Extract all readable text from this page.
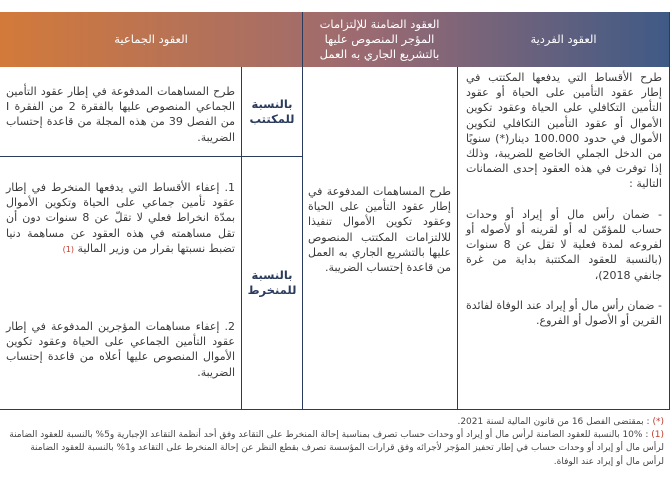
العقود الفردية
العقود الضامنة للإلتزامات المؤجر المنصوص عليها بالتشريع الجاري به العمل
العقود الجماعية
طرح الأقساط التي يدفعها المكتتب في إطار عقود التأمين على الحياة أو عقود التأمين التكافلي على الحياة وعقود تكوين الأموال أو عقود التأمين التكافلي لتكوين الأموال في حدود 100.000 دينار(*) سنويًا من الدخل الجملي الخاضع للضريبة، وذلك إذا توفرت في هذه العقود إحدى الضمانات التالية :

- ضمان رأس مال أو إيراد أو وحدات حساب للمؤمّن له أو لقرينه أو لأصوله أو لفروعه لمدة فعلية لا تقل عن 8 سنوات (بالنسبة للعقود المكتتبة بداية من غرة جانفي 2018)،

- ضمان رأس مال أو إيراد عند الوفاة لفائدة القرين أو الأصول أو الفروع.
طرح المساهمات المدفوعة في إطار عقود التأمين على الحياة وعقود تكوين الأموال تنفيذا للالتزامات المكتتب المنصوص عليها بالتشريع الجاري به العمل من قاعدة إحتساب الضريبة.
بالنسبة للمكتتب
بالنسبة للمنخرط
طرح المساهمات المدفوعة في إطار عقود التأمين الجماعي المنصوص عليها بالفقرة 2 من الفقرة I من الفصل 39 من هذه المجلة من قاعدة إحتساب الضريبة.
1. إعفاء الأقساط التي يدفعها المنخرط في إطار عقود تأمين جماعي على الحياة وتكوين الأموال بمدّة انخراط فعلي لا تقلّ عن 8 سنوات دون أن تقل مساهمته في هذه العقود عن مساهمة دنيا تضبط نسبتها بقرار من وزير المالية (1)
2. إعفاء مساهمات المؤجرين المدفوعة في إطار عقود التأمين الجماعي على الحياة وعقود تكوين الأموال المنصوص عليها أعلاه من قاعدة إحتساب الضريبة.
(*) : بمقتضى الفصل 16 من قانون المالية لسنة 2021.
(1) : 10% بالنسبة للعقود الضامنة لرأس مال أو إيراد أو وحدات حساب تصرف بمناسبة إحالة المنخرط على التقاعد وفق أحد أنظمة التقاعد الإجبارية و5% بالنسبة للعقود الضامنة لرأس مال أو إيراد أو وحدات حساب في إطار تحفيز المؤجر لأجرائه وفق قرارات المؤسسة تصرف بقطع النظر عن إحالة المنخرط على التقاعد و1% بالنسبة للعقود الضامنة لرأس مال أو إيراد عند الوفاة.
